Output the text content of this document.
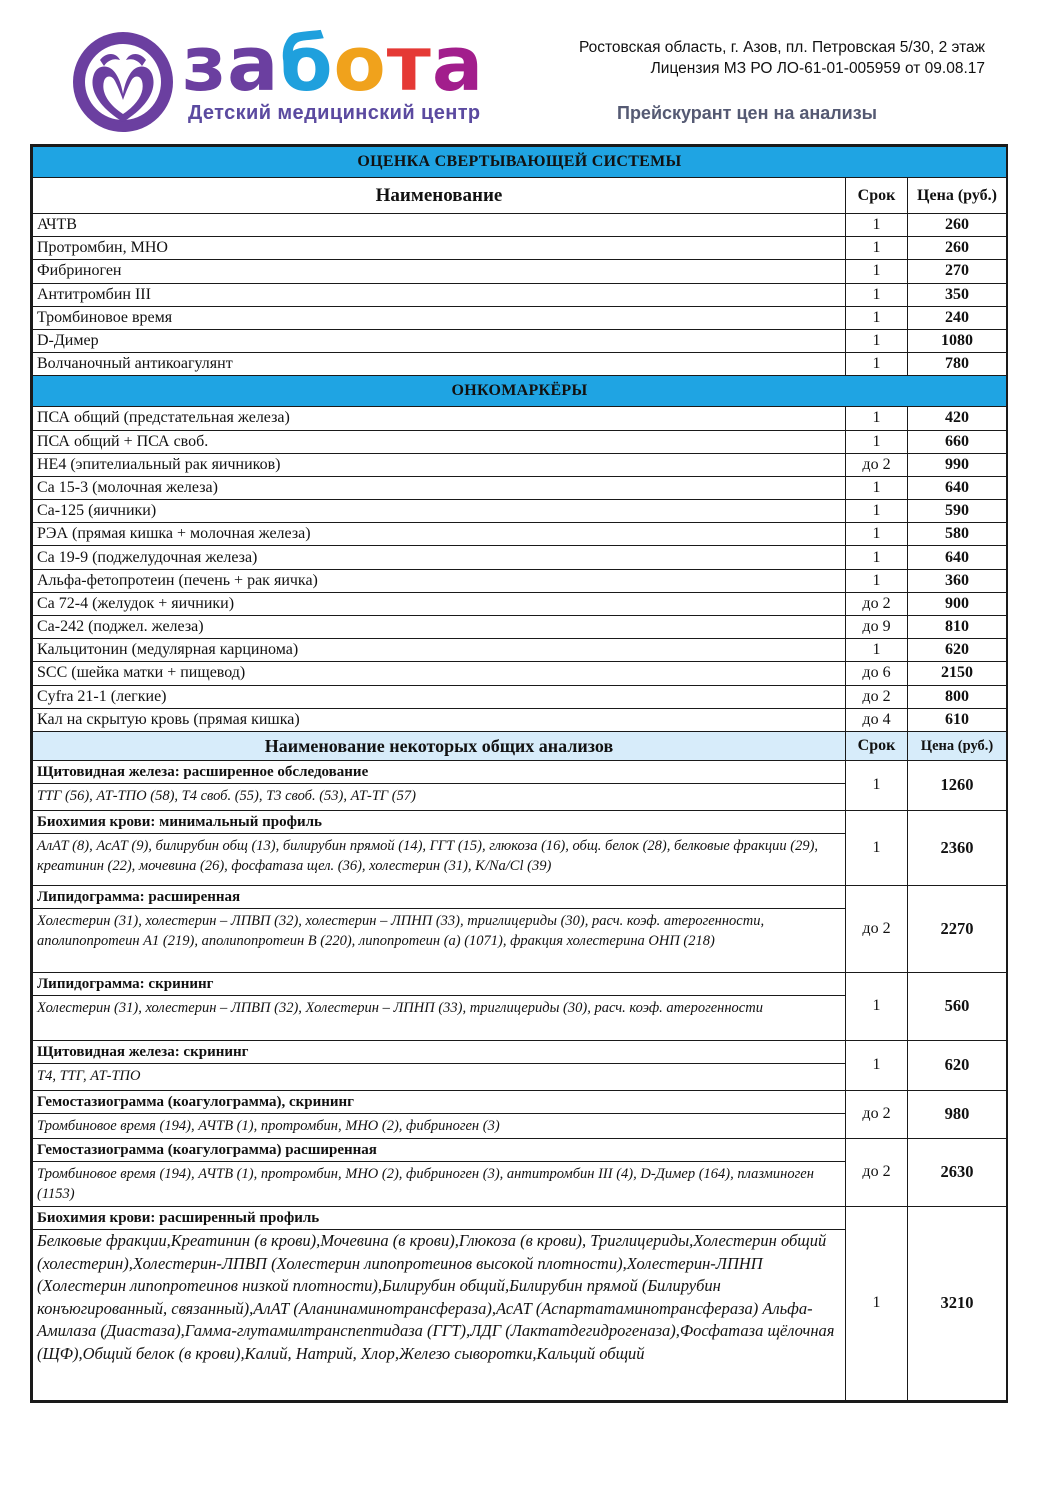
забота
Детский медицинский центр
Ростовская область, г. Азов, пл. Петровская 5/30, 2 этаж
Лицензия МЗ РО ЛО-61-01-005959 от 09.08.17
Прейскурант цен на анализы
ОЦЕНКА СВЕРТЫВАЮЩЕЙ СИСТЕМЫ		
Наименование	Срок	Цена (руб.)
АЧТВ	1	260
Протромбин, МНО	1	260
Фибриноген	1	270
Антитромбин III	1	350
Тромбиновое время	1	240
D-Димер	1	1080
Волчаночный антикоагулянт	1	780
ОНКОМАРКЁРЫ		
ПСА общий (предстательная железа)	1	420
ПСА общий + ПСА своб.	1	660
НЕ4 (эпителиальный рак яичников)	до 2	990
Са 15-3 (молочная железа)	1	640
Са-125 (яичники)	1	590
РЭА (прямая кишка + молочная железа)	1	580
Са 19-9 (поджелудочная железа)	1	640
Альфа-фетопротеин (печень + рак яичка)	1	360
Са 72-4 (желудок + яичники)	до 2	900
Са-242 (поджел. железа)	до 9	810
Кальцитонин (медулярная карцинома)	1	620
SCC (шейка матки + пищевод)	до 6	2150
Cyfra 21-1 (легкие)	до 2	800
Кал на скрытую кровь (прямая кишка)	до 4	610
Наименование некоторых общих анализов	Срок	Цена (руб.)
Щитовидная железа: расширенное обследование	1	1260
ТТГ (56), АТ-ТПО (58), Т4 своб. (55), Т3 своб. (53), АТ-ТГ (57)		
Биохимия крови: минимальный профиль	1	2360
АлАТ (8), АсАТ (9), билирубин общ (13), билирубин прямой (14), ГГТ (15), глюкоза (16), общ. белок (28), белковые фракции (29), креатинин (22), мочевина (26), фосфатаза щел. (36), холестерин (31), K/Na/Cl (39)		
Липидограмма: расширенная	до 2	2270
Холестерин (31), холестерин – ЛПВП (32), холестерин – ЛПНП (33), триглицериды (30), расч. коэф. атерогенности, аполипопротеин А1 (219), аполипопротеин В (220), липопротеин (а) (1071), фракция холестерина ОНП (218)		
Липидограмма: скрининг	1	560
Холестерин (31), холестерин – ЛПВП (32), Холестерин – ЛПНП (33), триглицериды (30), расч. коэф. атерогенности		
Щитовидная железа: скрининг	1	620
Т4, ТТГ, АТ-ТПО		
Гемостазиограмма (коагулограмма), скрининг	до 2	980
Тромбиновое время (194), АЧТВ (1), протромбин, МНО (2), фибриноген (3)		
Гемостазиограмма (коагулограмма) расширенная	до 2	2630
Тромбиновое время (194), АЧТВ (1), протромбин, МНО (2), фибриноген (3), антитромбин III (4), D-Димер (164), плазминоген (1153)		
Биохимия крови: расширенный профиль	1	3210
Белковые фракции,Креатинин (в крови),Мочевина (в крови),Глюкоза (в крови), Триглицериды,Холестерин общий (холестерин),Холестерин-ЛПВП (Холестерин липопротеинов высокой плотности),Холестерин-ЛПНП (Холестерин липопротеинов низкой плотности),Билирубин общий,Билирубин прямой (Билирубин конъюгированный, связанный),АлАТ (Аланинаминотрансфераза),АсАТ (Аспартатаминотрансфераза) Альфа-Амилаза (Диастаза),Гамма-глутамилтранспептидаза (ГГТ),ЛДГ (Лактатдегидрогеназа),Фосфатаза щёлочная (ЩФ),Общий белок (в крови),Калий, Натрий, Хлор,Железо сыворотки,Кальций общий		
